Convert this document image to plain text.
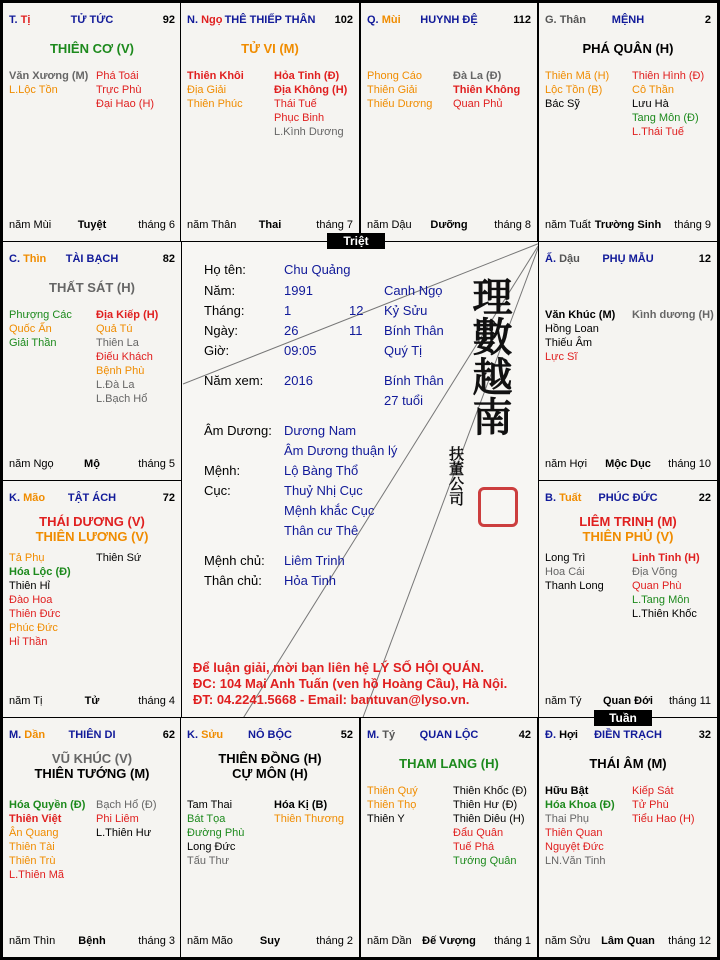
T. Tị	TỬ TỨC	92
THIÊN CƠ (V)
Văn Xương (M)
L.Lộc Tồn
Phá Toái
Trực Phù
Đại Hao (H)
năm Mùi	Tuyệt	tháng 6
N. Ngọ THÊ THIẾP THÂN	102
TỬ VI (M)
Thiên Khôi
Địa Giải
Thiên Phúc
Hỏa Tinh (Đ)
Địa Không (H)
Thái Tuế
Phục Binh
L.Kình Dương
năm Thân	Thai	tháng 7
Q. Mùi	HUYNH ĐỆ	112
Phong Cáo
Thiên Giải
Thiếu Dương
Đà La (Đ)
Thiên Không
Quan Phủ
năm Dậu	Dưỡng	tháng 8
G. Thân	MỆNH	2
PHÁ QUÂN (H)
Thiên Mã (H)
Lộc Tồn (B)
Bác Sỹ
Thiên Hình (Đ)
Cô Thần
Lưu Hà
Tang Môn (Đ)
L.Thái Tuế
năm Tuất Trường Sinh	tháng 9
C. Thìn	TÀI BẠCH	82
THẤT SÁT (H)
Phượng Các
Quốc Ấn
Giải Thần
Địa Kiếp (H)
Quả Tú
Thiên La
Điếu Khách
Bệnh Phù
L.Đà La
L.Bạch Hổ
năm Ngọ	Mộ	tháng 5
Ấ. Dậu	PHỤ MẪU	12
Văn Khúc (M)
Hồng Loan
Thiếu Âm
Lực Sĩ
Kình dương (H)
năm Hợi	Mộc Dục	tháng 10
K. Mão	TẬT ÁCH	72
THÁI DƯƠNG (V)
THIÊN LƯƠNG (V)
Tả Phụ
Hóa Lộc (Đ)
Thiên Hỉ
Đào Hoa
Thiên Đức
Phúc Đức
Hỉ Thần
Thiên Sứ
năm Tị	Tử	tháng 4
B. Tuất	PHÚC ĐỨC	22
LIÊM TRINH (M)
THIÊN PHỦ (V)
Long Trì
Hoa Cái
Thanh Long
Linh Tinh (H)
Địa Võng
Quan Phù
L.Tang Môn
L.Thiên Khốc
năm Tý	Quan Đới	tháng 11
M. Dần	THIÊN DI	62
VŨ KHÚC (V)
THIÊN TƯỚNG (M)
Hóa Quyền (Đ)
Thiên Việt
Ân Quang
Thiên Tài
Thiên Trù
L.Thiên Mã
Bạch Hổ (Đ)
Phi Liêm
L.Thiên Hư
năm Thìn	Bệnh	tháng 3
K. Sửu	NÔ BỘC	52
THIÊN ĐỒNG (H)
CỰ MÔN (H)
Tam Thai
Bát Tọa
Đường Phù
Long Đức
Tấu Thư
Hóa Kị (B)
Thiên Thương
năm Mão	Suy	tháng 2
M. Tý	QUAN LỘC	42
THAM LANG (H)
Thiên Quý
Thiên Thọ
Thiên Y
Thiên Khốc (Đ)
Thiên Hư (Đ)
Thiên Diêu (H)
Đẩu Quân
Tuế Phá
Tướng Quân
năm Dần Đế Vượng	tháng 1
Đ. Hợi	ĐIỀN TRẠCH	32
THÁI ÂM (M)
Hữu Bật
Hóa Khoa (Đ)
Thai Phụ
Thiên Quan
Nguyệt Đức
LN.Văn Tinh
Kiếp Sát
Tử Phù
Tiểu Hao (H)
năm Sửu Lâm Quan	tháng 12
Họ tên:	Chu Quảng
Năm:	1991	Canh Ngọ
Tháng:	1	12 Kỷ Sửu
Ngày:	26	11 Bính Thân
Giờ:	09:05	Quý Tị
Năm xem: 2016	Bính Thân
27 tuổi
Âm Dương: Dương Nam
Âm Dương thuận lý
Mệnh:	Lộ Bàng Thổ
Cục:	Thuỷ Nhị Cục
Mệnh khắc Cục
Thân cư Thê
Mệnh chủ: Liêm Trinh
Thân chủ: Hỏa Tinh
理數越南
扶董公司
Để luận giải, mời bạn liên hệ LÝ SỐ HỘI QUÁN.
ĐC: 104 Mai Anh Tuấn (ven hồ Hoàng Cầu), Hà Nội.
ĐT: 04.2241.5668 - Email: bantuvan@lyso.vn.
Triệt
Tuần
